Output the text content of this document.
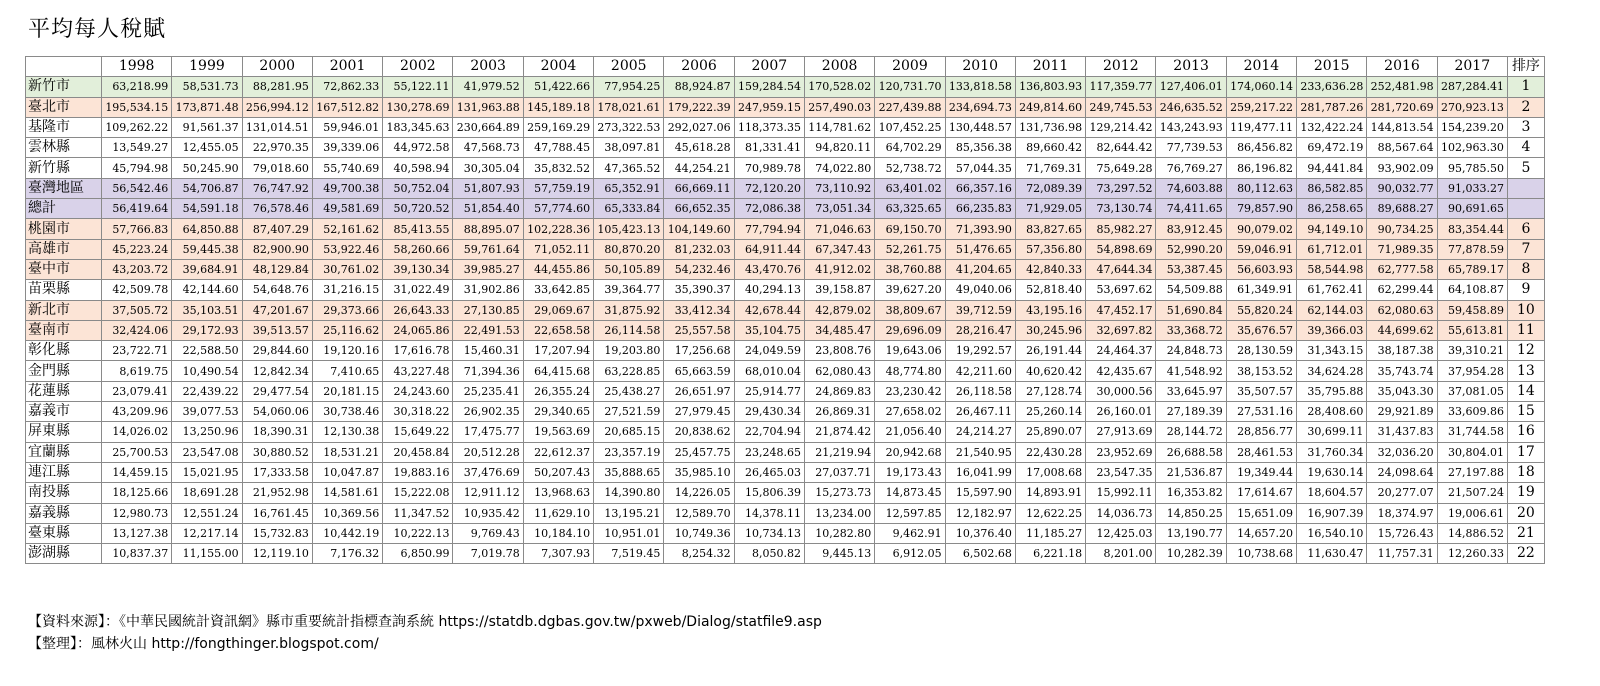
平均每人稅賦
	1998	1999	2000	2001	2002	2003	2004	2005	2006	2007	2008	2009	2010	2011	2012	2013	2014	2015	2016	2017	排序
新竹市	63,218.99	58,531.73	88,281.95	72,862.33	55,122.11	41,979.52	51,422.66	77,954.25	88,924.87	159,284.54	170,528.02	120,731.70	133,818.58	136,803.93	117,359.77	127,406.01	174,060.14	233,636.28	252,481.98	287,284.41	1
臺北市	195,534.15	173,871.48	256,994.12	167,512.82	130,278.69	131,963.88	145,189.18	178,021.61	179,222.39	247,959.15	257,490.03	227,439.88	234,694.73	249,814.60	249,745.53	246,635.52	259,217.22	281,787.26	281,720.69	270,923.13	2
基隆市	109,262.22	91,561.37	131,014.51	59,946.01	183,345.63	230,664.89	259,169.29	273,322.53	292,027.06	118,373.35	114,781.62	107,452.25	130,448.57	131,736.98	129,214.42	143,243.93	119,477.11	132,422.24	144,813.54	154,239.20	3
雲林縣	13,549.27	12,455.05	22,970.35	39,339.06	44,972.58	47,568.73	47,788.45	38,097.81	45,618.28	81,331.41	94,820.11	64,702.29	85,356.38	89,660.42	82,644.42	77,739.53	86,456.82	69,472.19	88,567.64	102,963.30	4
新竹縣	45,794.98	50,245.90	79,018.60	55,740.69	40,598.94	30,305.04	35,832.52	47,365.52	44,254.21	70,989.78	74,022.80	52,738.72	57,044.35	71,769.31	75,649.28	76,769.27	86,196.82	94,441.84	93,902.09	95,785.50	5
臺灣地區	56,542.46	54,706.87	76,747.92	49,700.38	50,752.04	51,807.93	57,759.19	65,352.91	66,669.11	72,120.20	73,110.92	63,401.02	66,357.16	72,089.39	73,297.52	74,603.88	80,112.63	86,582.85	90,032.77	91,033.27	
總計	56,419.64	54,591.18	76,578.46	49,581.69	50,720.52	51,854.40	57,774.60	65,333.84	66,652.35	72,086.38	73,051.34	63,325.65	66,235.83	71,929.05	73,130.74	74,411.65	79,857.90	86,258.65	89,688.27	90,691.65	
桃園市	57,766.83	64,850.88	87,407.29	52,161.62	85,413.55	88,895.07	102,228.36	105,423.13	104,149.60	77,794.94	71,046.63	69,150.70	71,393.90	83,827.65	85,982.27	83,912.45	90,079.02	94,149.10	90,734.25	83,354.44	6
高雄市	45,223.24	59,445.38	82,900.90	53,922.46	58,260.66	59,761.64	71,052.11	80,870.20	81,232.03	64,911.44	67,347.43	52,261.75	51,476.65	57,356.80	54,898.69	52,990.20	59,046.91	61,712.01	71,989.35	77,878.59	7
臺中市	43,203.72	39,684.91	48,129.84	30,761.02	39,130.34	39,985.27	44,455.86	50,105.89	54,232.46	43,470.76	41,912.02	38,760.88	41,204.65	42,840.33	47,644.34	53,387.45	56,603.93	58,544.98	62,777.58	65,789.17	8
苗栗縣	42,509.78	42,144.60	54,648.76	31,216.15	31,022.49	31,902.86	33,642.85	39,364.77	35,390.37	40,294.13	39,158.87	39,627.20	49,040.06	52,818.40	53,697.62	54,509.88	61,349.91	61,762.41	62,299.44	64,108.87	9
新北市	37,505.72	35,103.51	47,201.67	29,373.66	26,643.33	27,130.85	29,069.67	31,875.92	33,412.34	42,678.44	42,879.02	38,809.67	39,712.59	43,195.16	47,452.17	51,690.84	55,820.24	62,144.03	62,080.63	59,458.89	10
臺南市	32,424.06	29,172.93	39,513.57	25,116.62	24,065.86	22,491.53	22,658.58	26,114.58	25,557.58	35,104.75	34,485.47	29,696.09	28,216.47	30,245.96	32,697.82	33,368.72	35,676.57	39,366.03	44,699.62	55,613.81	11
彰化縣	23,722.71	22,588.50	29,844.60	19,120.16	17,616.78	15,460.31	17,207.94	19,203.80	17,256.68	24,049.59	23,808.76	19,643.06	19,292.57	26,191.44	24,464.37	24,848.73	28,130.59	31,343.15	38,187.38	39,310.21	12
金門縣	8,619.75	10,490.54	12,842.34	7,410.65	43,227.48	71,394.36	64,415.68	63,228.85	65,663.59	68,010.04	62,080.43	48,774.80	42,211.60	40,620.42	42,435.67	41,548.92	38,153.52	34,624.28	35,743.74	37,954.28	13
花蓮縣	23,079.41	22,439.22	29,477.54	20,181.15	24,243.60	25,235.41	26,355.24	25,438.27	26,651.97	25,914.77	24,869.83	23,230.42	26,118.58	27,128.74	30,000.56	33,645.97	35,507.57	35,795.88	35,043.30	37,081.05	14
嘉義市	43,209.96	39,077.53	54,060.06	30,738.46	30,318.22	26,902.35	29,340.65	27,521.59	27,979.45	29,430.34	26,869.31	27,658.02	26,467.11	25,260.14	26,160.01	27,189.39	27,531.16	28,408.60	29,921.89	33,609.86	15
屏東縣	14,026.02	13,250.96	18,390.31	12,130.38	15,649.22	17,475.77	19,563.69	20,685.15	20,838.62	22,704.94	21,874.42	21,056.40	24,214.27	25,890.07	27,913.69	28,144.72	28,856.77	30,699.11	31,437.83	31,744.58	16
宜蘭縣	25,700.53	23,547.08	30,880.52	18,531.21	20,458.84	20,512.28	22,612.37	23,357.19	25,457.75	23,248.65	21,219.94	20,942.68	21,540.95	22,430.28	23,952.69	26,688.58	28,461.53	31,760.34	32,036.20	30,804.01	17
連江縣	14,459.15	15,021.95	17,333.58	10,047.87	19,883.16	37,476.69	50,207.43	35,888.65	35,985.10	26,465.03	27,037.71	19,173.43	16,041.99	17,008.68	23,547.35	21,536.87	19,349.44	19,630.14	24,098.64	27,197.88	18
南投縣	18,125.66	18,691.28	21,952.98	14,581.61	15,222.08	12,911.12	13,968.63	14,390.80	14,226.05	15,806.39	15,273.73	14,873.45	15,597.90	14,893.91	15,992.11	16,353.82	17,614.67	18,604.57	20,277.07	21,507.24	19
嘉義縣	12,980.73	12,551.24	16,761.45	10,369.56	11,347.52	10,935.42	11,629.10	13,195.21	12,589.70	14,378.11	13,234.00	12,597.85	12,182.97	12,622.25	14,036.73	14,850.25	15,651.09	16,907.39	18,374.97	19,006.61	20
臺東縣	13,127.38	12,217.14	15,732.83	10,442.19	10,222.13	9,769.43	10,184.10	10,951.01	10,749.36	10,734.13	10,282.80	9,462.91	10,376.40	11,185.27	12,425.03	13,190.77	14,657.20	16,540.10	15,726.43	14,886.52	21
澎湖縣	10,837.37	11,155.00	12,119.10	7,176.32	6,850.99	7,019.78	7,307.93	7,519.45	8,254.32	8,050.82	9,445.13	6,912.05	6,502.68	6,221.18	8,201.00	10,282.39	10,738.68	11,630.47	11,757.31	12,260.33	22
【資料來源】：《中華民國統計資訊網》縣市重要統計指標查詢系統 https://statdb.dgbas.gov.tw/pxweb/Dialog/statfile9.asp
【整理】：風林火山 http://fongthinger.blogspot.com/
